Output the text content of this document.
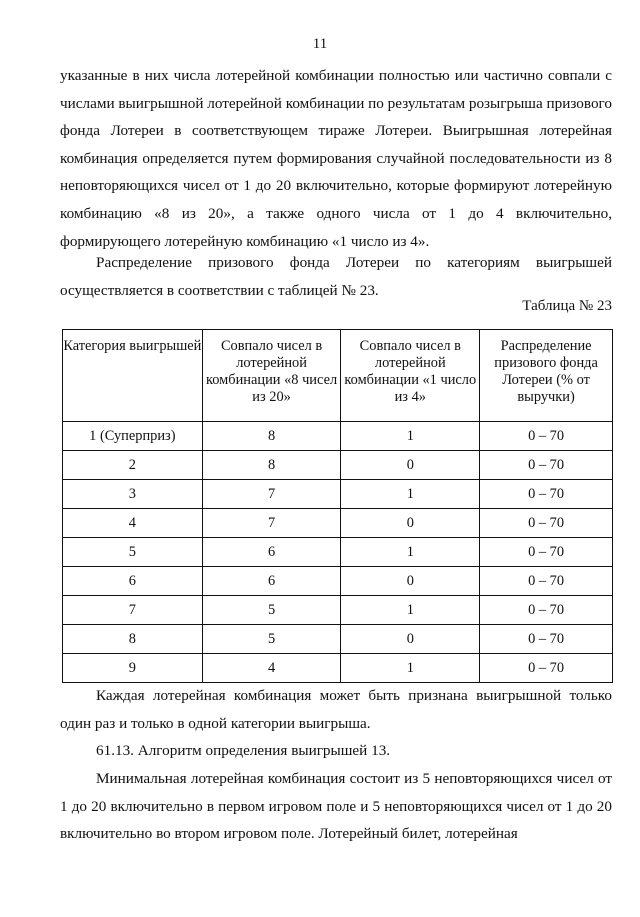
11
указанные в них числа лотерейной комбинации полностью или частично совпали с числами выигрышной лотерейной комбинации по результатам розыгрыша призового фонда Лотереи в соответствующем тираже Лотереи. Выигрышная лотерейная комбинация определяется путем формирования случайной последовательности из 8 неповторяющихся чисел от 1 до 20 включительно, которые формируют лотерейную комбинацию «8 из 20», а также одного числа от 1 до 4 включительно, формирующего лотерейную комбинацию «1 число из 4».
Распределение призового фонда Лотереи по категориям выигрышей осуществляется в соответствии с таблицей № 23.
Таблица № 23
Категория выигрышей	Совпало чисел в лотерейной комбинации «8 чисел из 20»	Совпало чисел в лотерейной комбинации «1 число из 4»	Распределение призового фонда Лотереи (% от выручки)
1 (Суперприз)	8	1	0 – 70
2	8	0	0 – 70
3	7	1	0 – 70
4	7	0	0 – 70
5	6	1	0 – 70
6	6	0	0 – 70
7	5	1	0 – 70
8	5	0	0 – 70
9	4	1	0 – 70
Каждая лотерейная комбинация может быть признана выигрышной только один раз и только в одной категории выигрыша.
61.13. Алгоритм определения выигрышей 13.
Минимальная лотерейная комбинация состоит из 5 неповторяющихся чисел от 1 до 20 включительно в первом игровом поле и 5 неповторяющихся чисел от 1 до 20 включительно во втором игровом поле. Лотерейный билет, лотерейная
